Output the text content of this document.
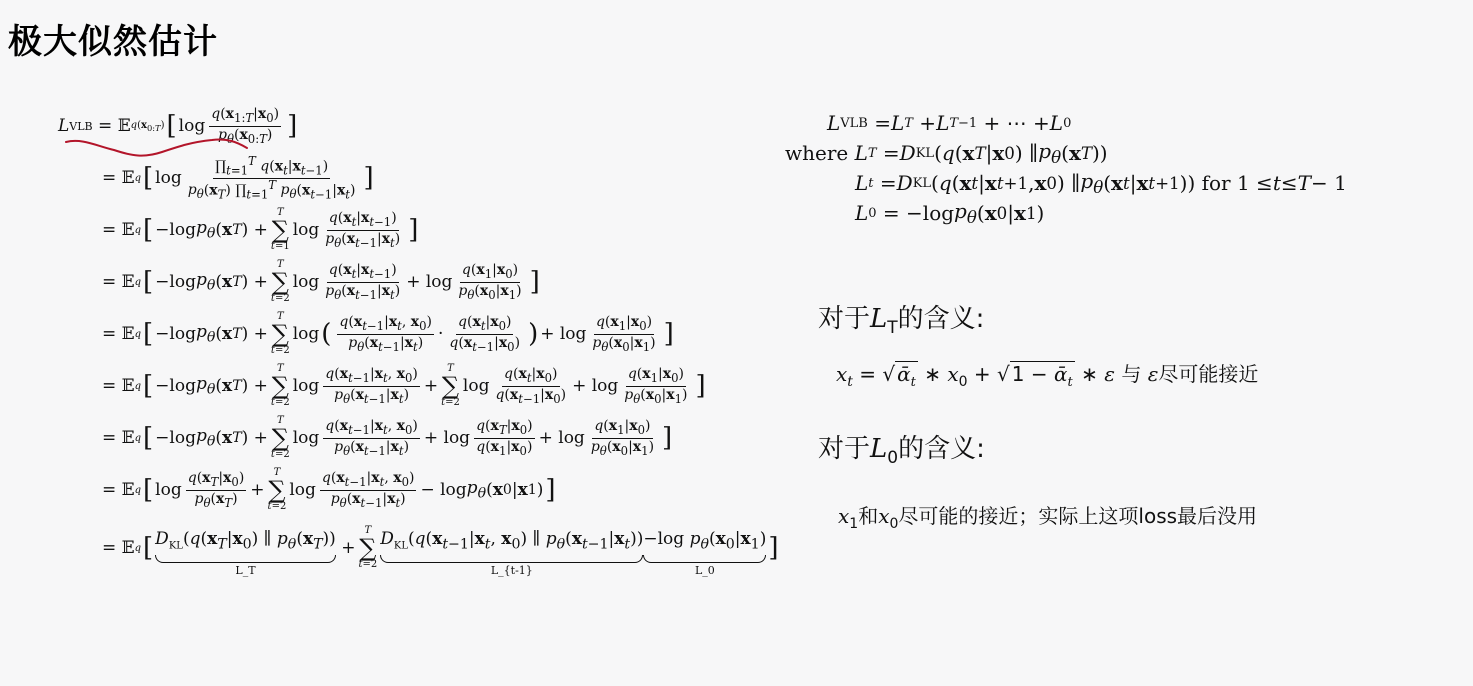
极大似然估计
L VLB = 𝔼 $q(x_{0:T})$ [ $\log \frac{q(x_{1:T}|x_0)}{p_\theta(x_{0:T})}$ ]
= 𝔼 q [ $\log \frac{\prod_{t=1}^T q(x_t|x_{t-1})}{p_\theta(x_T) \prod_{t=1}^T p_\theta(x_{t-1}|x_t)}$ ]
= 𝔼 q [ −log $p_\theta$ ( x T ) +
T
∑
t=1
$\log \frac{q(x_t|x_{t-1})}{p_\theta(x_{t-1}|x_t)}$ ]
= 𝔼 q [ −log $p_\theta$ ( x T ) +
T
∑
t=2
$\log \frac{q(x_t|x_{t-1})}{p_\theta(x_{t-1}|x_t)} + \log \frac{q(x_1|x_0)}{p_\theta(x_0|x_1)}$ ]
= 𝔼 q [ −log $p_\theta$ ( x T ) +
T
∑
t=2
log ( $\frac{q(x_{t-1}|x_t, x_0)}{p_\theta(x_{t-1}|x_t)} \cdot \frac{q(x_t|x_0)}{q(x_{t-1}|x_0)}$ ) + $\log \frac{q(x_1|x_0)}{p_\theta(x_0|x_1)}$ ]
= 𝔼 q [ −log $p_\theta$ ( x T ) +
T
∑
t=2
$\log \frac{q(x_{t-1}|x_t, x_0)}{p_\theta(x_{t-1}|x_t)}$ +
T
∑
t=2
$\log \frac{q(x_t|x_0)}{q(x_{t-1}|x_0)} + \log \frac{q(x_1|x_0)}{p_\theta(x_0|x_1)}$ ]
= 𝔼 q [ −log $p_\theta$ ( x T ) +
T
∑
t=2
$\log \frac{q(x_{t-1}|x_t, x_0)}{p_\theta(x_{t-1}|x_t)} + \log \frac{q(x_T|x_0)}{q(x_1|x_0)} + \log \frac{q(x_1|x_0)}{p_\theta(x_0|x_1)}$ ]
= 𝔼 q [ $\log \frac{q(x_T|x_0)}{p_\theta(x_T)}$ +
T
∑
t=2
$\log \frac{q(x_{t-1}|x_t, x_0)}{p_\theta(x_{t-1}|x_t)} - \log p_\theta$ ( x 0 | x 1 ) ]
= 𝔼 q [ $D_{KL}(q(x_T|x_0)$ ∥ $p_\theta(x_T)$)
L_T
+
T
∑
t=2
$D_{KL}(q(x_{t-1}|x_t$, $x_0$) ∥ $p_\theta(x_{t-1}|x_t)$)
L_{t-1}
−log $p_\theta(x_0|x_1)$
L_0
]
L VLB = L T + L T−1 + ⋯ + L 0
where L T = D KL ( q ( x T | x 0 ) ∥ $p_\theta$ ( x T ))
L t = D KL ( q ( x t | x t+1 , x 0 ) ∥ $p_\theta$ ( x t | x t+1 )) for 1 ≤ t ≤ T − 1
L 0 = −log $p_\theta$ ( x 0 | x 1 )
对于$L_T$的含义:
$x_t$ = √ ᾱ$_t$ ∗ $x_0$ + √ 1 − ᾱ$_t$ ∗ ε 与 ε尽可能接近
对于$L_0$的含义:
$x_1$和$x_0$尽可能的接近；实际上这项loss最后没用
